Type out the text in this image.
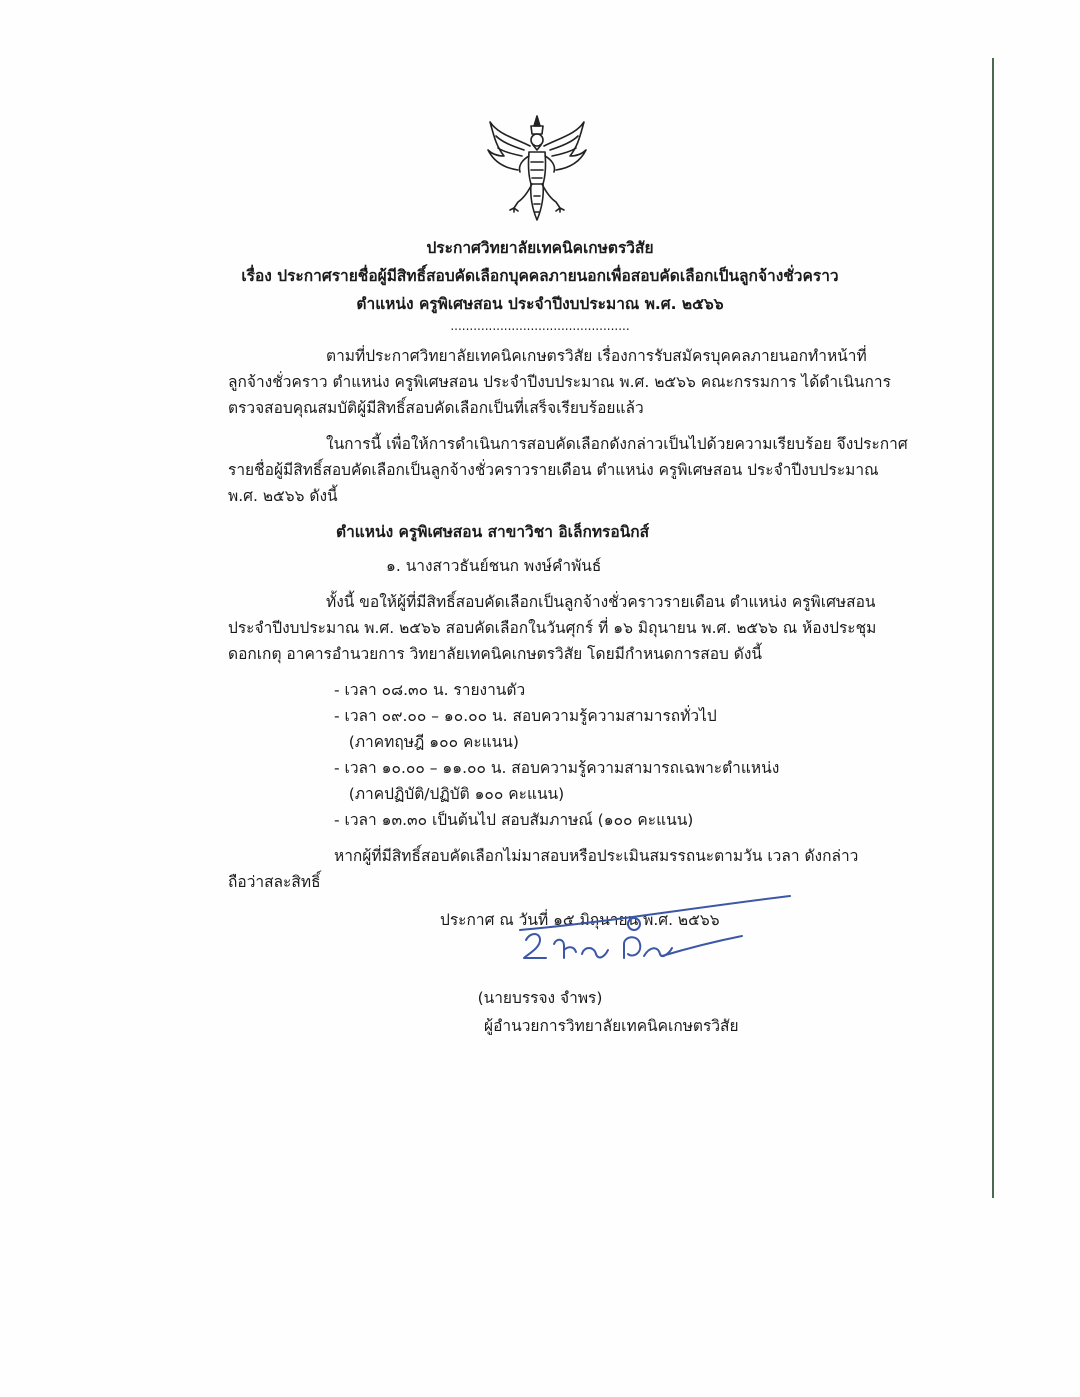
ประกาศวิทยาลัยเทคนิคเกษตรวิสัย
เรื่อง ประกาศรายชื่อผู้มีสิทธิ์สอบคัดเลือกบุคคลภายนอกเพื่อสอบคัดเลือกเป็นลูกจ้างชั่วคราว
ตำแหน่ง ครูพิเศษสอน ประจำปีงบประมาณ พ.ศ. ๒๕๖๖
...............................................
ตามที่ประกาศวิทยาลัยเทคนิคเกษตรวิสัย เรื่องการรับสมัครบุคคลภายนอกทำหน้าที่
ลูกจ้างชั่วคราว ตำแหน่ง ครูพิเศษสอน ประจำปีงบประมาณ พ.ศ. ๒๕๖๖ คณะกรรมการ ได้ดำเนินการ
ตรวจสอบคุณสมบัติผู้มีสิทธิ์สอบคัดเลือกเป็นที่เสร็จเรียบร้อยแล้ว
ในการนี้ เพื่อให้การดำเนินการสอบคัดเลือกดังกล่าวเป็นไปด้วยความเรียบร้อย จึงประกาศ
รายชื่อผู้มีสิทธิ์สอบคัดเลือกเป็นลูกจ้างชั่วคราวรายเดือน ตำแหน่ง ครูพิเศษสอน ประจำปีงบประมาณ
พ.ศ. ๒๕๖๖ ดังนี้
ตำแหน่ง ครูพิเศษสอน สาขาวิชา อิเล็กทรอนิกส์
๑. นางสาวธันย์ชนก พงษ์คำพันธ์
ทั้งนี้ ขอให้ผู้ที่มีสิทธิ์สอบคัดเลือกเป็นลูกจ้างชั่วคราวรายเดือน ตำแหน่ง ครูพิเศษสอน
ประจำปีงบประมาณ พ.ศ. ๒๕๖๖ สอบคัดเลือกในวันศุกร์ ที่ ๑๖ มิถุนายน พ.ศ. ๒๕๖๖ ณ ห้องประชุม
ดอกเกตุ อาคารอำนวยการ วิทยาลัยเทคนิคเกษตรวิสัย โดยมีกำหนดการสอบ ดังนี้
- เวลา ๐๘.๓๐ น. รายงานตัว
- เวลา ๐๙.๐๐ – ๑๐.๐๐ น. สอบความรู้ความสามารถทั่วไป
(ภาคทฤษฎี ๑๐๐ คะแนน)
- เวลา ๑๐.๐๐ – ๑๑.๐๐ น. สอบความรู้ความสามารถเฉพาะตำแหน่ง
(ภาคปฏิบัติ/ปฏิบัติ ๑๐๐ คะแนน)
- เวลา ๑๓.๓๐ เป็นต้นไป สอบสัมภาษณ์ (๑๐๐ คะแนน)
หากผู้ที่มีสิทธิ์สอบคัดเลือกไม่มาสอบหรือประเมินสมรรถนะตามวัน เวลา ดังกล่าว
ถือว่าสละสิทธิ์
ประกาศ ณ วันที่ ๑๕ มิถุนายน พ.ศ. ๒๕๖๖
(นายบรรจง จำพร)
ผู้อำนวยการวิทยาลัยเทคนิคเกษตรวิสัย
